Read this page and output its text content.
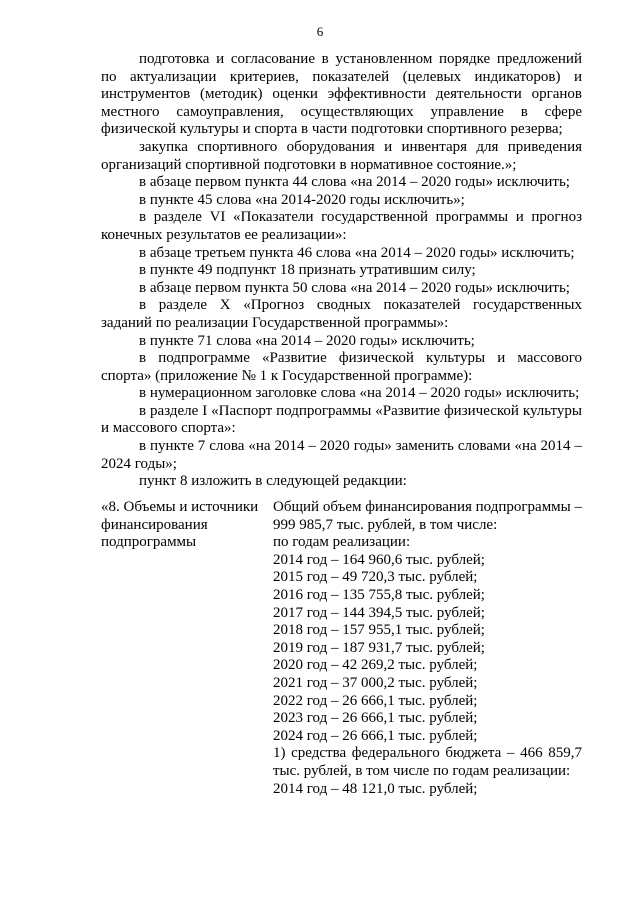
6

подготовка и согласование в установленном порядке предложений по актуализации критериев, показателей (целевых индикаторов) и инструментов (методик) оценки эффективности деятельности органов местного самоуправления, осуществляющих управление в сфере физической культуры и спорта в части подготовки спортивного резерва;

закупка спортивного оборудования и инвентаря для приведения организаций спортивной подготовки в нормативное состояние.»;

в абзаце первом пункта 44 слова «на 2014 – 2020 годы» исключить;

в пункте 45 слова «на 2014-2020 годы исключить»;

в разделе VI «Показатели государственной программы и прогноз конечных результатов ее реализации»:

в абзаце третьем пункта 46 слова «на 2014 – 2020 годы» исключить;

в пункте 49 подпункт 18 признать утратившим силу;

в абзаце первом пункта 50 слова «на 2014 – 2020 годы» исключить;

в разделе X «Прогноз сводных показателей государственных заданий по реализации Государственной программы»:

в пункте 71 слова «на 2014 – 2020 годы» исключить;

в подпрограмме «Развитие физической культуры и массового спорта» (приложение № 1 к Государственной программе):

в нумерационном заголовке слова «на 2014 – 2020 годы» исключить;

в разделе I «Паспорт подпрограммы «Развитие физической культуры и массового спорта»:

в пункте 7 слова «на 2014 – 2020 годы» заменить словами «на 2014 – 2024 годы»;

пункт 8 изложить в следующей редакции:

«8. Объемы и источники
финансирования
подпрограммы

Общий объем финансирования подпрограммы – 999 985,7 тыс. рублей, в том числе:

по годам реализации:

2014 год – 164 960,6 тыс. рублей;

2015 год – 49 720,3 тыс. рублей;

2016 год – 135 755,8 тыс. рублей;

2017 год – 144 394,5 тыс. рублей;

2018 год – 157 955,1 тыс. рублей;

2019 год – 187 931,7 тыс. рублей;

2020 год – 42 269,2 тыс. рублей;

2021 год – 37 000,2 тыс. рублей;

2022 год – 26 666,1 тыс. рублей;

2023 год – 26 666,1 тыс. рублей;

2024 год – 26 666,1 тыс. рублей;

1) средства федерального бюджета – 466 859,7 тыс. рублей, в том числе по годам реализации:

2014 год – 48 121,0 тыс. рублей;
